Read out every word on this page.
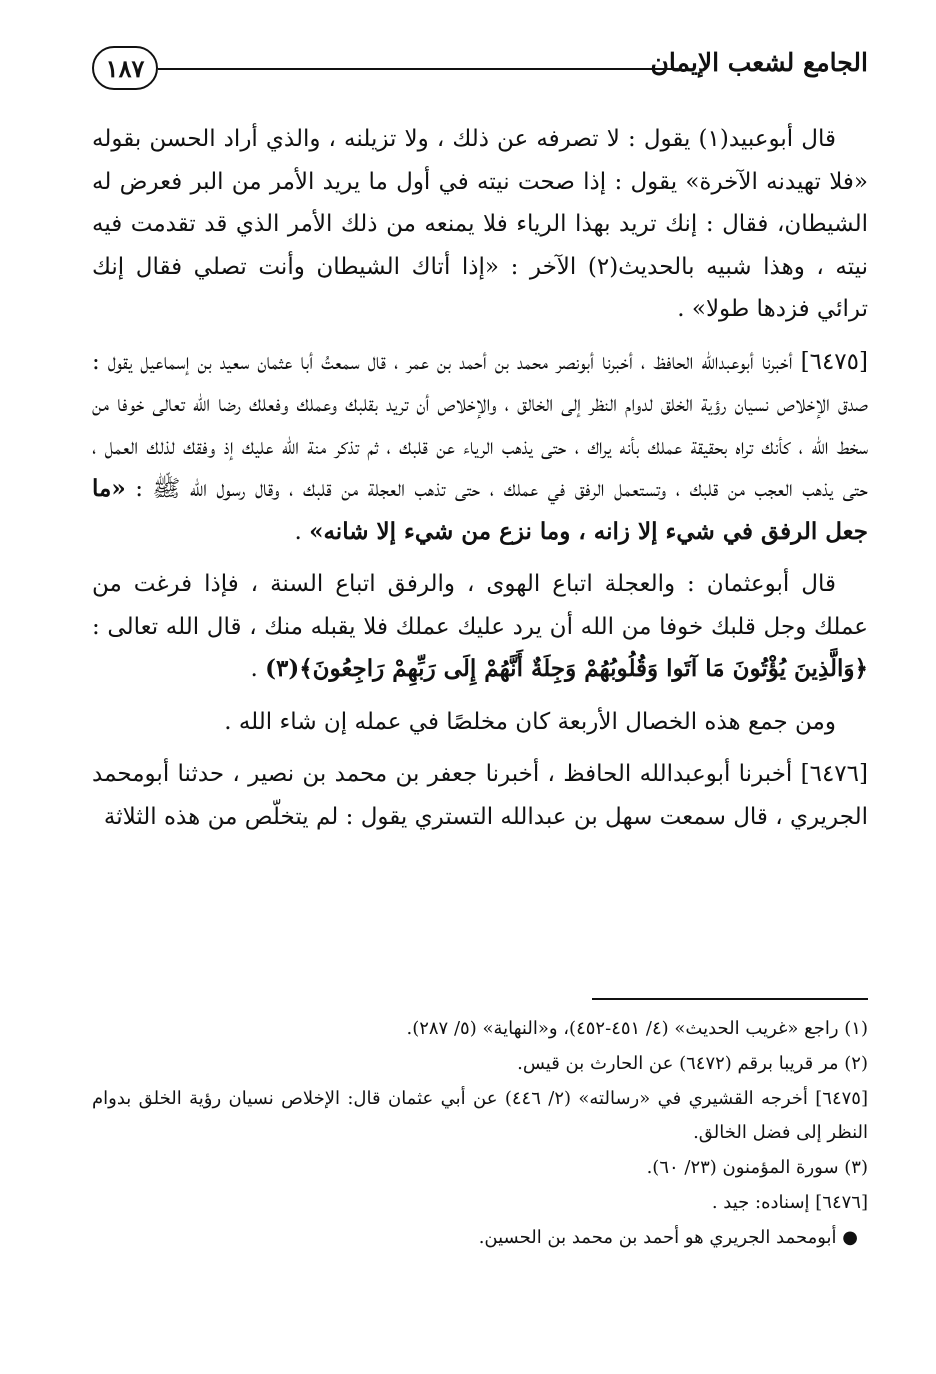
١٨٧	الجامع لشعب الإيمان

قال أبوعبيد(١) يقول : لا تصرفه عن ذلك ، ولا تزيلنه ، والذي أراد الحسن بقوله «فلا تهيدنه الآخرة» يقول : إذا صحت نيته في أول ما يريد الأمر من البر فعرض له الشيطان، فقال : إنك تريد بهذا الرياء فلا يمنعه من ذلك الأمر الذي قد تقدمت فيه نيته ، وهذا شبيه بالحديث(٢) الآخر : «إذا أتاك الشيطان وأنت تصلي فقال إنك ترائي فزدها طولا» .

[٦٤٧٥] أخبرنا أبوعبدالله الحافظ ، أخبرنا أبونصر محمد بن أحمد بن عمر ، قال سمعتُ أبا عثمان سعيد بن إسماعيل يقول : صدق الإخلاص نسيان رؤية الخلق لدوام النظر إلى الخالق ، والإخلاص أن تريد بقلبك وعملك وفعلك رضا الله تعالى خوفا من سخط الله ، كأنك تراه بحقيقة عملك بأنه يراك ، حتى يذهب الرياء عن قلبك ، ثم تذكر منة الله عليك إذ وفقك لذلك العمل ، حتى يذهب العجب من قلبك ، وتستعمل الرفق في عملك ، حتى تذهب العجلة من قلبك ، وقال رسول الله ﷺ : «ما جعل الرفق في شيء إلا زانه ، وما نزع من شيء إلا شانه» .

قال أبوعثمان : والعجلة اتباع الهوى ، والرفق اتباع السنة ، فإذا فرغت من عملك وجل قلبك خوفا من الله أن يرد عليك عملك فلا يقبله منك ، قال الله تعالى : ﴿وَالَّذِينَ يُؤْتُونَ مَا آتَوا وَقُلُوبُهُمْ وَجِلَةٌ أَنَّهُمْ إِلَى رَبِّهِمْ رَاجِعُونَ﴾(٣) .

ومن جمع هذه الخصال الأربعة كان مخلصًا في عمله إن شاء الله .

[٦٤٧٦] أخبرنا أبوعبدالله الحافظ ، أخبرنا جعفر بن محمد بن نصير ، حدثنا أبومحمد الجريري ، قال سمعت سهل بن عبدالله التستري يقول : لم يتخلّص من هذه الثلاثة

(١) راجع «غريب الحديث» (٤/ ٤٥١-٤٥٢)، و«النهاية» (٥/ ٢٨٧).

(٢) مر قريبا برقم (٦٤٧٢) عن الحارث بن قيس.

[٦٤٧٥] أخرجه القشيري في «رسالته» (٢/ ٤٤٦) عن أبي عثمان قال: الإخلاص نسيان رؤية الخلق بدوام النظر إلى فضل الخالق.

(٣) سورة المؤمنون (٢٣/ ٦٠).

[٦٤٧٦] إسناده: جيد .

● أبومحمد الجريري هو أحمد بن محمد بن الحسين.
